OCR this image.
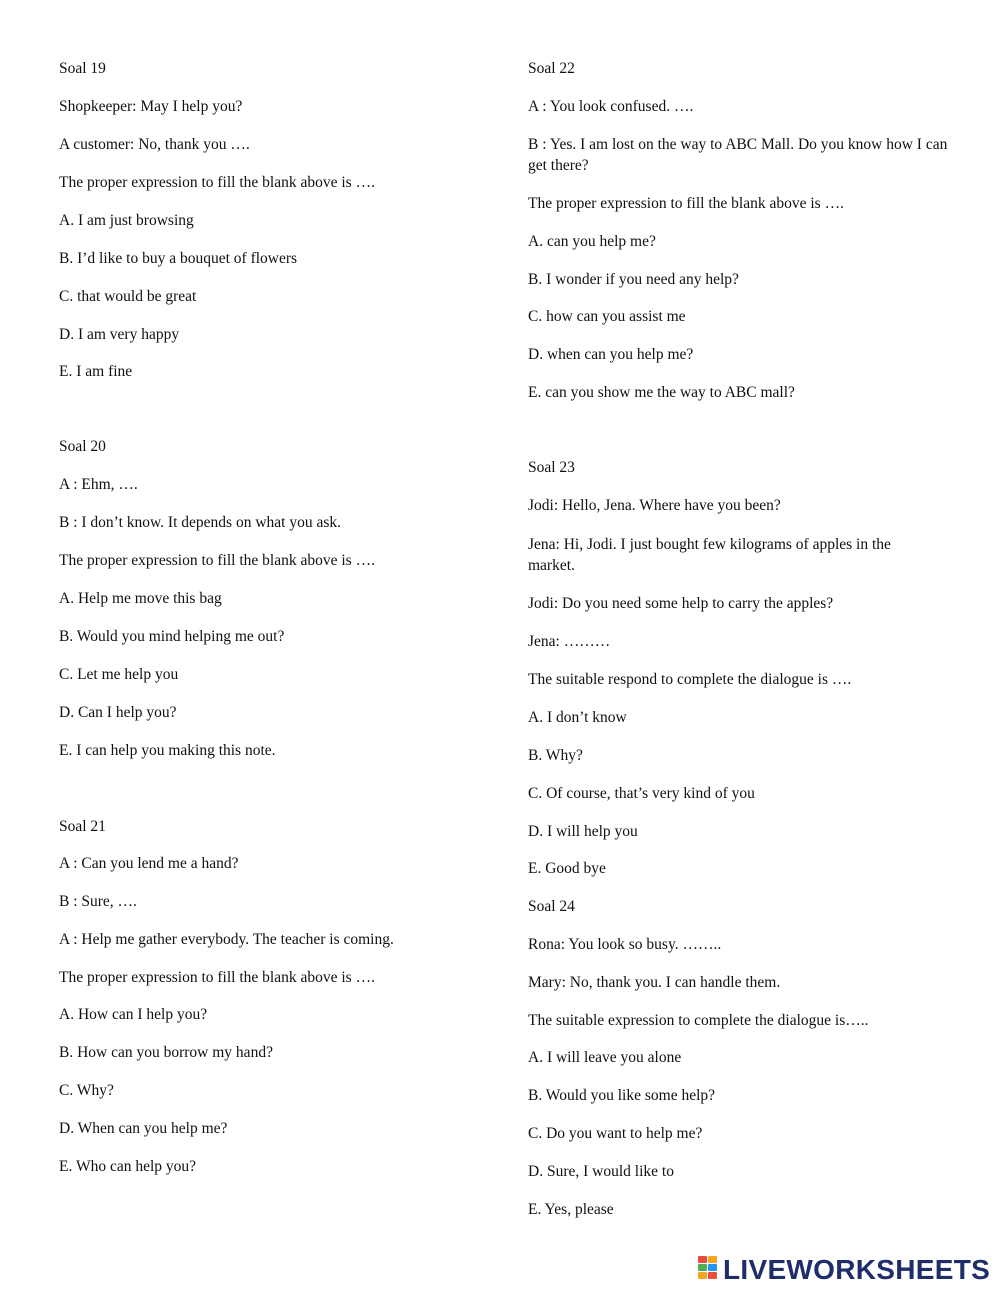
Soal 19
Shopkeeper: May I help you?
A customer: No, thank you ….
The proper expression to fill the blank above is ….
A. I am just browsing
B. I’d like to buy a bouquet of flowers
C. that would be great
D. I am very happy
E. I am fine
Soal 20
A : Ehm, ….
B : I don’t know. It depends on what you ask.
The proper expression to fill the blank above is ….
A. Help me move this bag
B. Would you mind helping me out?
C. Let me help you
D. Can I help you?
E. I can help you making this note.
Soal 21
A : Can you lend me a hand?
B : Sure, ….
A : Help me gather everybody. The teacher is coming.
The proper expression to fill the blank above is ….
A. How can I help you?
B. How can you borrow my hand?
C. Why?
D. When can you help me?
E. Who can help you?
Soal 22
A : You look confused. ….
B : Yes. I am lost on the way to ABC Mall. Do you know how I can get there?
The proper expression to fill the blank above is ….
A. can you help me?
B. I wonder if you need any help?
C. how can you assist me
D. when can you help me?
E. can you show me the way to ABC mall?
Soal 23
Jodi: Hello, Jena. Where have you been?
Jena: Hi, Jodi. I just bought few kilograms of apples in the market.
Jodi: Do you need some help to carry the apples?
Jena: ………
The suitable respond to complete the dialogue is ….
A. I don’t know
B. Why?
C. Of course, that’s very kind of you
D. I will help you
E. Good bye
Soal 24
Rona: You look so busy. ……..
Mary: No, thank you. I can handle them.
The suitable expression to complete the dialogue is…..
A. I will leave you alone
B. Would you like some help?
C. Do you want to help me?
D. Sure, I would like to
E. Yes, please
LIVEWORKSHEETS
